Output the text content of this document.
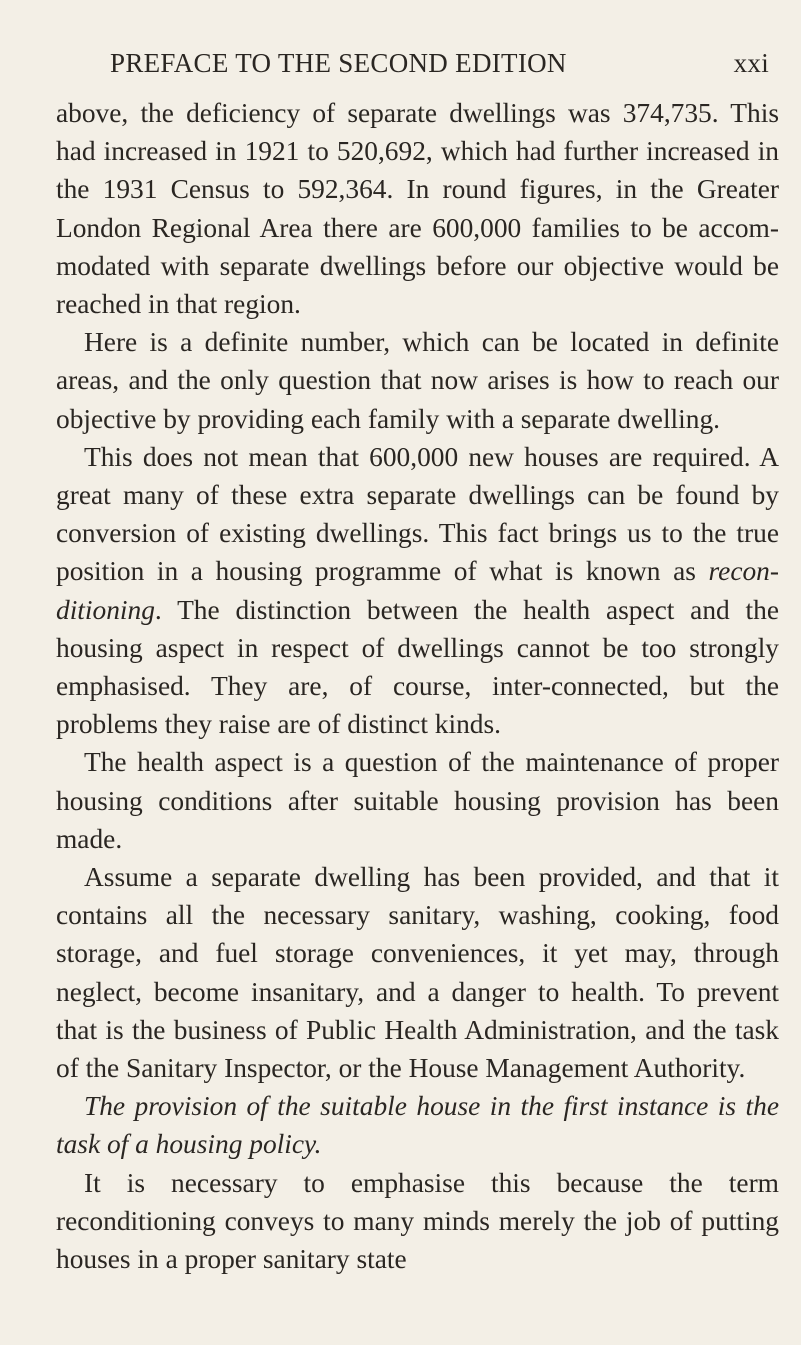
PREFACE TO THE SECOND EDITION	xxi

above, the deficiency of separate dwellings was 374,735. This had increased in 1921 to 520,692, which had further increased in the 1931 Census to 592,364. In round figures, in the Greater London Regional Area there are 600,000 families to be accom- modated with separate dwellings before our objective would be reached in that region.

Here is a definite number, which can be located in definite areas, and the only question that now arises is how to reach our objective by providing each family with a separate dwelling.

This does not mean that 600,000 new houses are required. A great many of these extra separate dwellings can be found by conversion of existing dwellings. This fact brings us to the true position in a housing programme of what is known as recon- ditioning. The distinction between the health aspect and the housing aspect in respect of dwellings cannot be too strongly emphasised. They are, of course, inter-connected, but the problems they raise are of distinct kinds.

The health aspect is a question of the maintenance of proper housing conditions after suitable housing provision has been made.

Assume a separate dwelling has been provided, and that it contains all the necessary sanitary, washing, cooking, food storage, and fuel storage conveniences, it yet may, through neglect, become insanitary, and a danger to health. To prevent that is the business of Public Health Administration, and the task of the Sanitary Inspector, or the House Management Authority.

The provision of the suitable house in the first instance is the task of a housing policy.

It is necessary to emphasise this because the term reconditioning conveys to many minds merely the job of putting houses in a proper sanitary state
